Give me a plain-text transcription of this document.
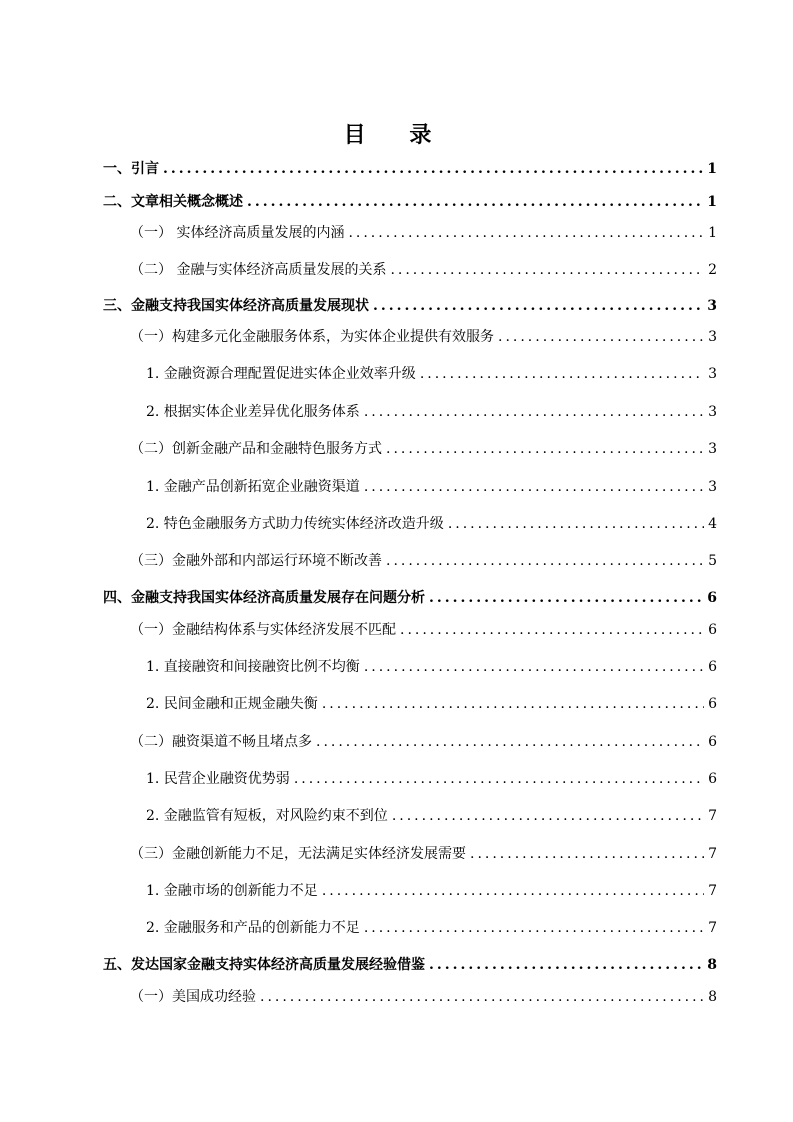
目 录
一、引言 .....	1
二、文章相关概念概述 .....	1
（一） 实体经济高质量发展的内涵 .....	1
（二） 金融与实体经济高质量发展的关系 .....	2
三、金融支持我国实体经济高质量发展现状 .....	3
（一）构建多元化金融服务体系，为实体企业提供有效服务 .....	3
1. 金融资源合理配置促进实体企业效率升级 .....	3
2. 根据实体企业差异优化服务体系 .....	3
（二）创新金融产品和金融特色服务方式 .....	3
1. 金融产品创新拓宽企业融资渠道 .....	3
2. 特色金融服务方式助力传统实体经济改造升级 .....	4
（三）金融外部和内部运行环境不断改善 .....	5
四、金融支持我国实体经济高质量发展存在问题分析 .....	6
（一）金融结构体系与实体经济发展不匹配 .....	6
1. 直接融资和间接融资比例不均衡 .....	6
2. 民间金融和正规金融失衡 .....	6
（二）融资渠道不畅且堵点多 .....	6
1. 民营企业融资优势弱 .....	6
2. 金融监管有短板，对风险约束不到位 .....	7
（三）金融创新能力不足，无法满足实体经济发展需要 .....	7
1. 金融市场的创新能力不足 .....	7
2. 金融服务和产品的创新能力不足 .....	7
五、发达国家金融支持实体经济高质量发展经验借鉴 .....	8
（一）美国成功经验 .....	8
